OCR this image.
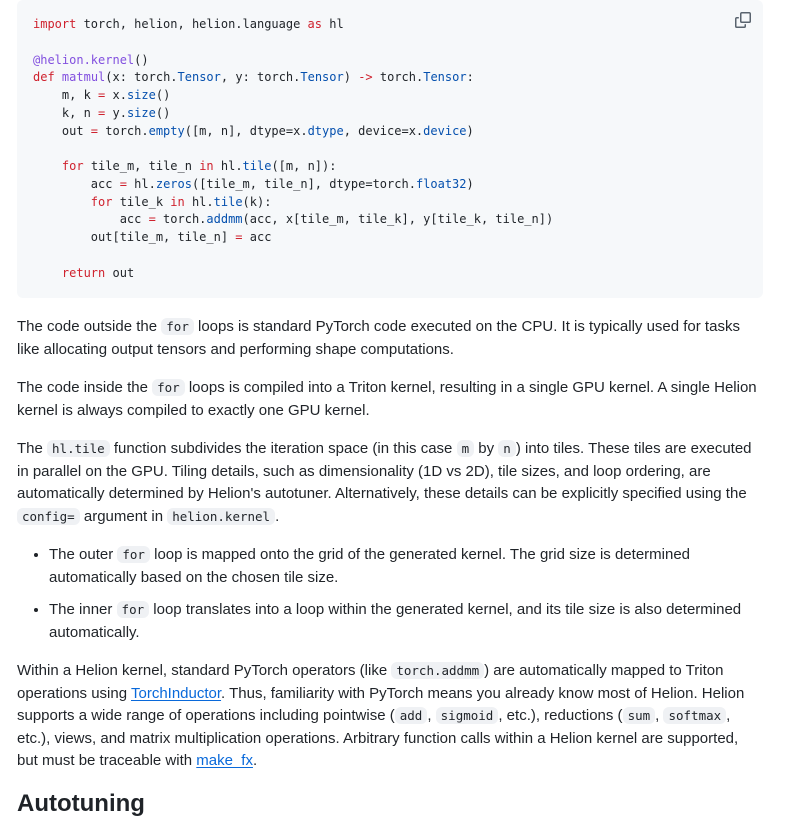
import torch, helion, helion.language as hl

@helion.kernel()
def matmul(x: torch.Tensor, y: torch.Tensor) -> torch.Tensor:
m, k = x.size()
k, n = y.size()
out = torch.empty([m, n], dtype=x.dtype, device=x.device)

for tile_m, tile_n in hl.tile([m, n]):
acc = hl.zeros([tile_m, tile_n], dtype=torch.float32)
for tile_k in hl.tile(k):
acc = torch.addmm(acc, x[tile_m, tile_k], y[tile_k, tile_n])
out[tile_m, tile_n] = acc

return out

The code outside the for loops is standard PyTorch code executed on the CPU. It is typically used for tasks like allocating output tensors and performing shape computations.

The code inside the for loops is compiled into a Triton kernel, resulting in a single GPU kernel. A single Helion kernel is always compiled to exactly one GPU kernel.

The hl.tile function subdivides the iteration space (in this case m by n ) into tiles. These tiles are executed in parallel on the GPU. Tiling details, such as dimensionality (1D vs 2D), tile sizes, and loop ordering, are automatically determined by Helion's autotuner. Alternatively, these details can be explicitly specified using the config= argument in helion.kernel .

• The outer for loop is mapped onto the grid of the generated kernel. The grid size is determined automatically based on the chosen tile size.
• The inner for loop translates into a loop within the generated kernel, and its tile size is also determined automatically.

Within a Helion kernel, standard PyTorch operators (like torch.addmm ) are automatically mapped to Triton operations using TorchInductor. Thus, familiarity with PyTorch means you already know most of Helion. Helion supports a wide range of operations including pointwise ( add , sigmoid , etc.), reductions ( sum , softmax , etc.), views, and matrix multiplication operations. Arbitrary function calls within a Helion kernel are supported, but must be traceable with make_fx.

Autotuning
